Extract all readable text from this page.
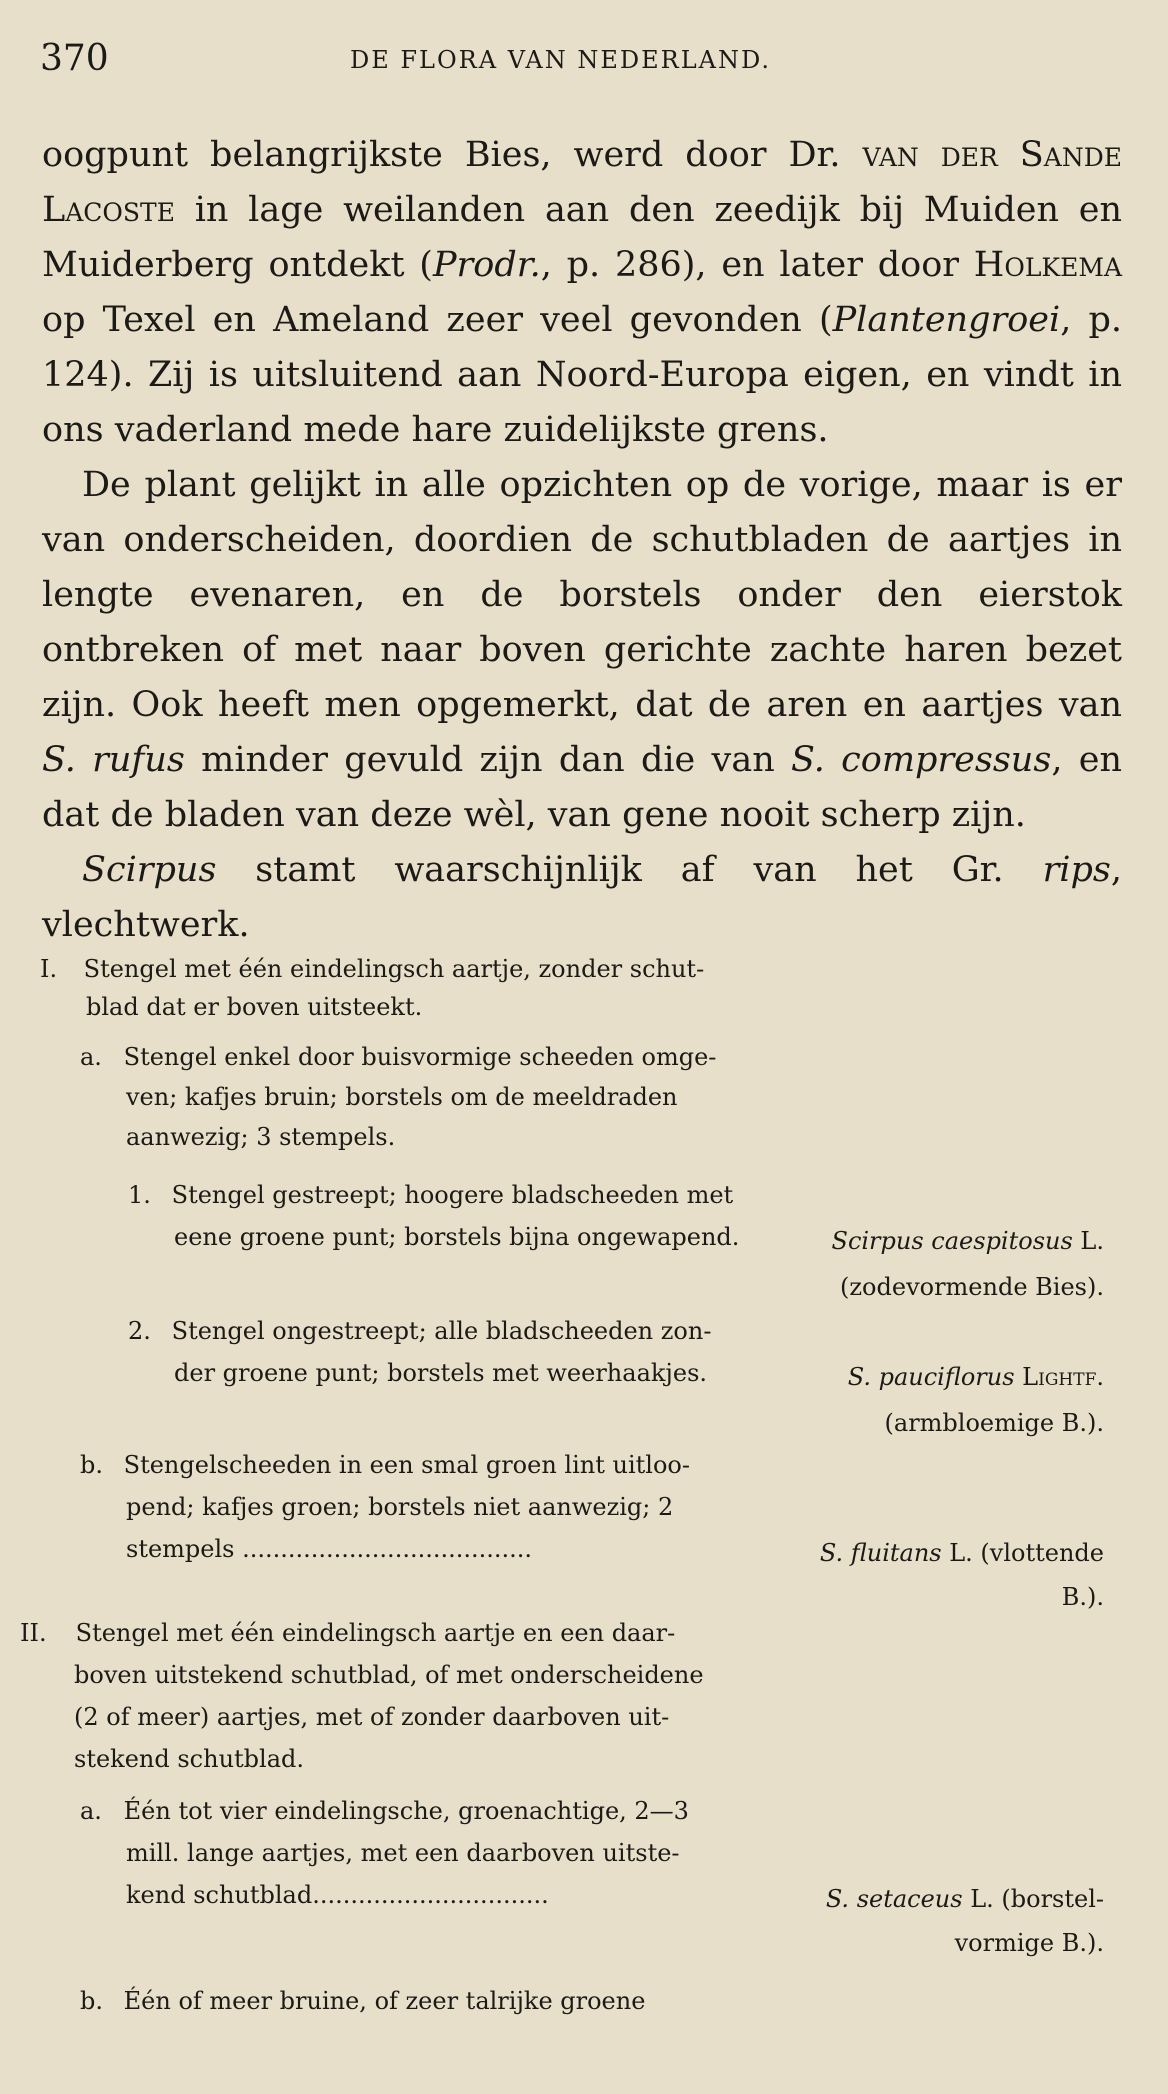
370	DE FLORA VAN NEDERLAND.

oogpunt belangrijkste Bies, werd door Dr. van der Sande Lacoste in lage weilanden aan den zeedijk bij Muiden en Muiderberg ontdekt (Prodr., p. 286), en later door Holkema op Texel en Ameland zeer veel gevonden (Plantengroei, p. 124). Zij is uitsluitend aan Noord-Europa eigen, en vindt in ons vaderland mede hare zuidelijkste grens.

De plant gelijkt in alle opzichten op de vorige, maar is er van onderscheiden, doordien de schutbladen de aartjes in lengte evenaren, en de borstels onder den eierstok ontbreken of met naar boven gerichte zachte haren bezet zijn. Ook heeft men opgemerkt, dat de aren en aartjes van S. rufus minder gevuld zijn dan die van S. compressus, en dat de bladen van deze wèl, van gene nooit scherp zijn.

Scirpus stamt waarschijnlijk af van het Gr. rips, vlechtwerk.

I. Stengel met één eindelingsch aartje, zonder schut-
blad dat er boven uitsteekt.
a. Stengel enkel door buisvormige scheeden omge-
ven; kafjes bruin; borstels om de meeldraden
aanwezig; 3 stempels.
1. Stengel gestreept; hoogere bladscheeden met
eene groene punt; borstels bijna ongewapend.	Scirpus caespitosus L.
(zodevormende Bies).
2. Stengel ongestreept; alle bladscheeden zon-
der groene punt; borstels met weerhaakjes.	S. pauciflorus Lightf.
(armbloemige B.).
b. Stengelscheeden in een smal groen lint uitloo-
pend; kafjes groen; borstels niet aanwezig; 2
stempels ......................................	S. fluitans L. (vlottende
B.).
II. Stengel met één eindelingsch aartje en een daar-
boven uitstekend schutblad, of met onderscheidene
(2 of meer) aartjes, met of zonder daarboven uit-
stekend schutblad.
a. Één tot vier eindelingsche, groenachtige, 2—3
mill. lange aartjes, met een daarboven uitste-
kend schutblad...............................	S. setaceus L. (borstel-
vormige B.).
b. Één of meer bruine, of zeer talrijke groene
